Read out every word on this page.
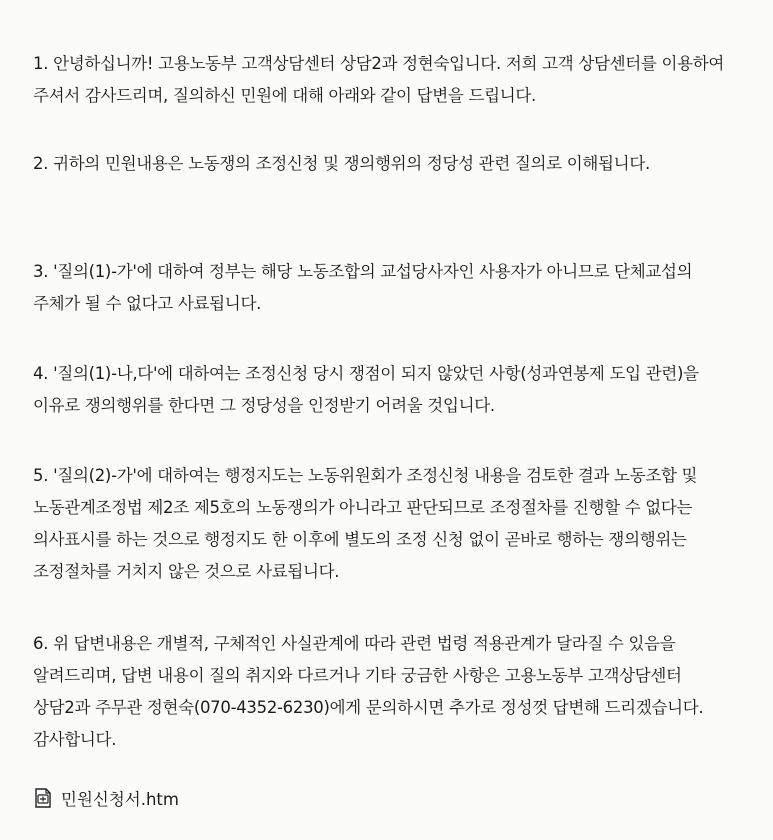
1. 안녕하십니까! 고용노동부 고객상담센터 상담2과 정현숙입니다. 저희 고객 상담센터를 이용하여 주셔서 감사드리며, 질의하신 민원에 대해 아래와 같이 답변을 드립니다.

2. 귀하의 민원내용은 노동쟁의 조정신청 및 쟁의행위의 정당성 관련 질의로 이해됩니다.

3. '질의(1)-가'에 대하여 정부는 해당 노동조합의 교섭당사자인 사용자가 아니므로 단체교섭의 주체가 될 수 없다고 사료됩니다.

4. '질의(1)-나,다'에 대하여는 조정신청 당시 쟁점이 되지 않았던 사항(성과연봉제 도입 관련)을 이유로 쟁의행위를 한다면 그 정당성을 인정받기 어려울 것입니다.

5. '질의(2)-가'에 대하여는 행정지도는 노동위원회가 조정신청 내용을 검토한 결과 노동조합 및 노동관계조정법 제2조 제5호의 노동쟁의가 아니라고 판단되므로 조정절차를 진행할 수 없다는 의사표시를 하는 것으로 행정지도 한 이후에 별도의 조정 신청 없이 곧바로 행하는 쟁의행위는 조정절차를 거치지 않은 것으로 사료됩니다.

6. 위 답변내용은 개별적, 구체적인 사실관계에 따라 관련 법령 적용관계가 달라질 수 있음을 알려드리며, 답변 내용이 질의 취지와 다르거나 기타 궁금한 사항은 고용노동부 고객상담센터 상담2과 주무관 정현숙(070-4352-6230)에게 문의하시면 추가로 정성껏 답변해 드리겠습니다. 감사합니다.

민원신청서.htm
